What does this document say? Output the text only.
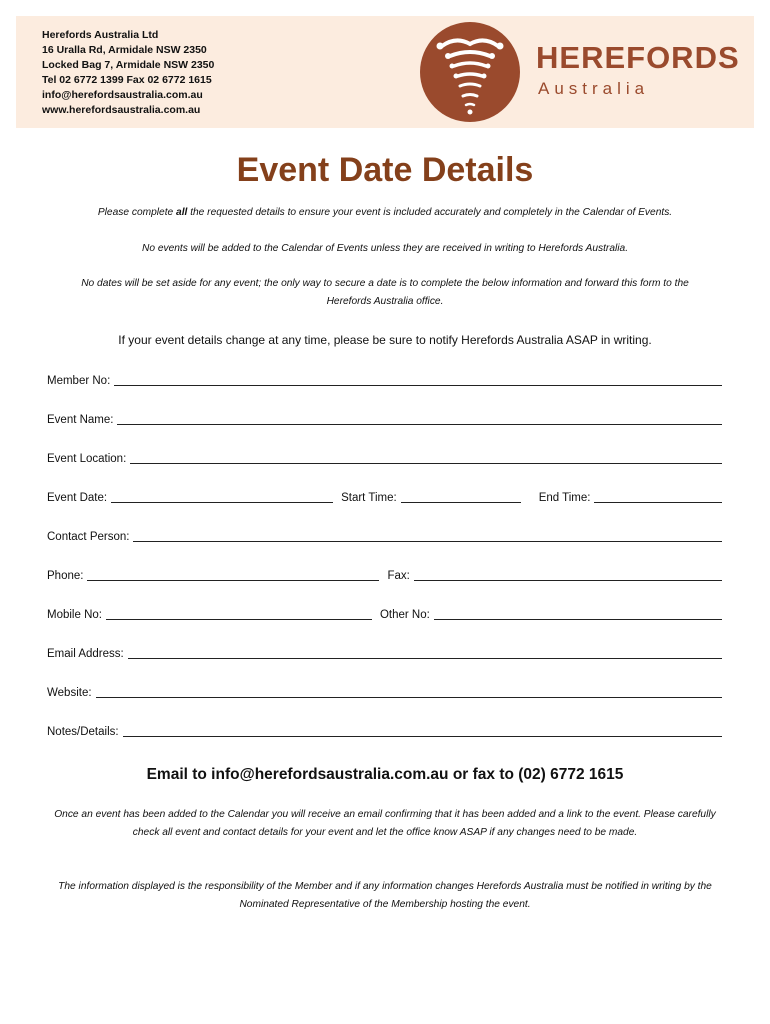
Herefords Australia Ltd
16 Uralla Rd, Armidale NSW 2350
Locked Bag 7, Armidale NSW 2350
Tel 02 6772 1399 Fax 02 6772 1615
info@herefordsaustralia.com.au
www.herefordsaustralia.com.au
HEREFORDS
Australia
Event Date Details
Please complete all the requested details to ensure your event is included accurately and completely in the Calendar of Events.
No events will be added to the Calendar of Events unless they are received in writing to Herefords Australia.
No dates will be set aside for any event; the only way to secure a date is to complete the below information and forward this form to the Herefords Australia office.
If your event details change at any time, please be sure to notify Herefords Australia ASAP in writing.
Member No:
Event Name:
Event Location:
Event Date:	Start Time:	End Time:
Contact Person:
Phone:	Fax:
Mobile No:	Other No:
Email Address:
Website:
Notes/Details:
Email to info@herefordsaustralia.com.au or fax to (02) 6772 1615
Once an event has been added to the Calendar you will receive an email confirming that it has been added and a link to the event. Please carefully check all event and contact details for your event and let the office know ASAP if any changes need to be made.
The information displayed is the responsibility of the Member and if any information changes Herefords Australia must be notified in writing by the Nominated Representative of the Membership hosting the event.
